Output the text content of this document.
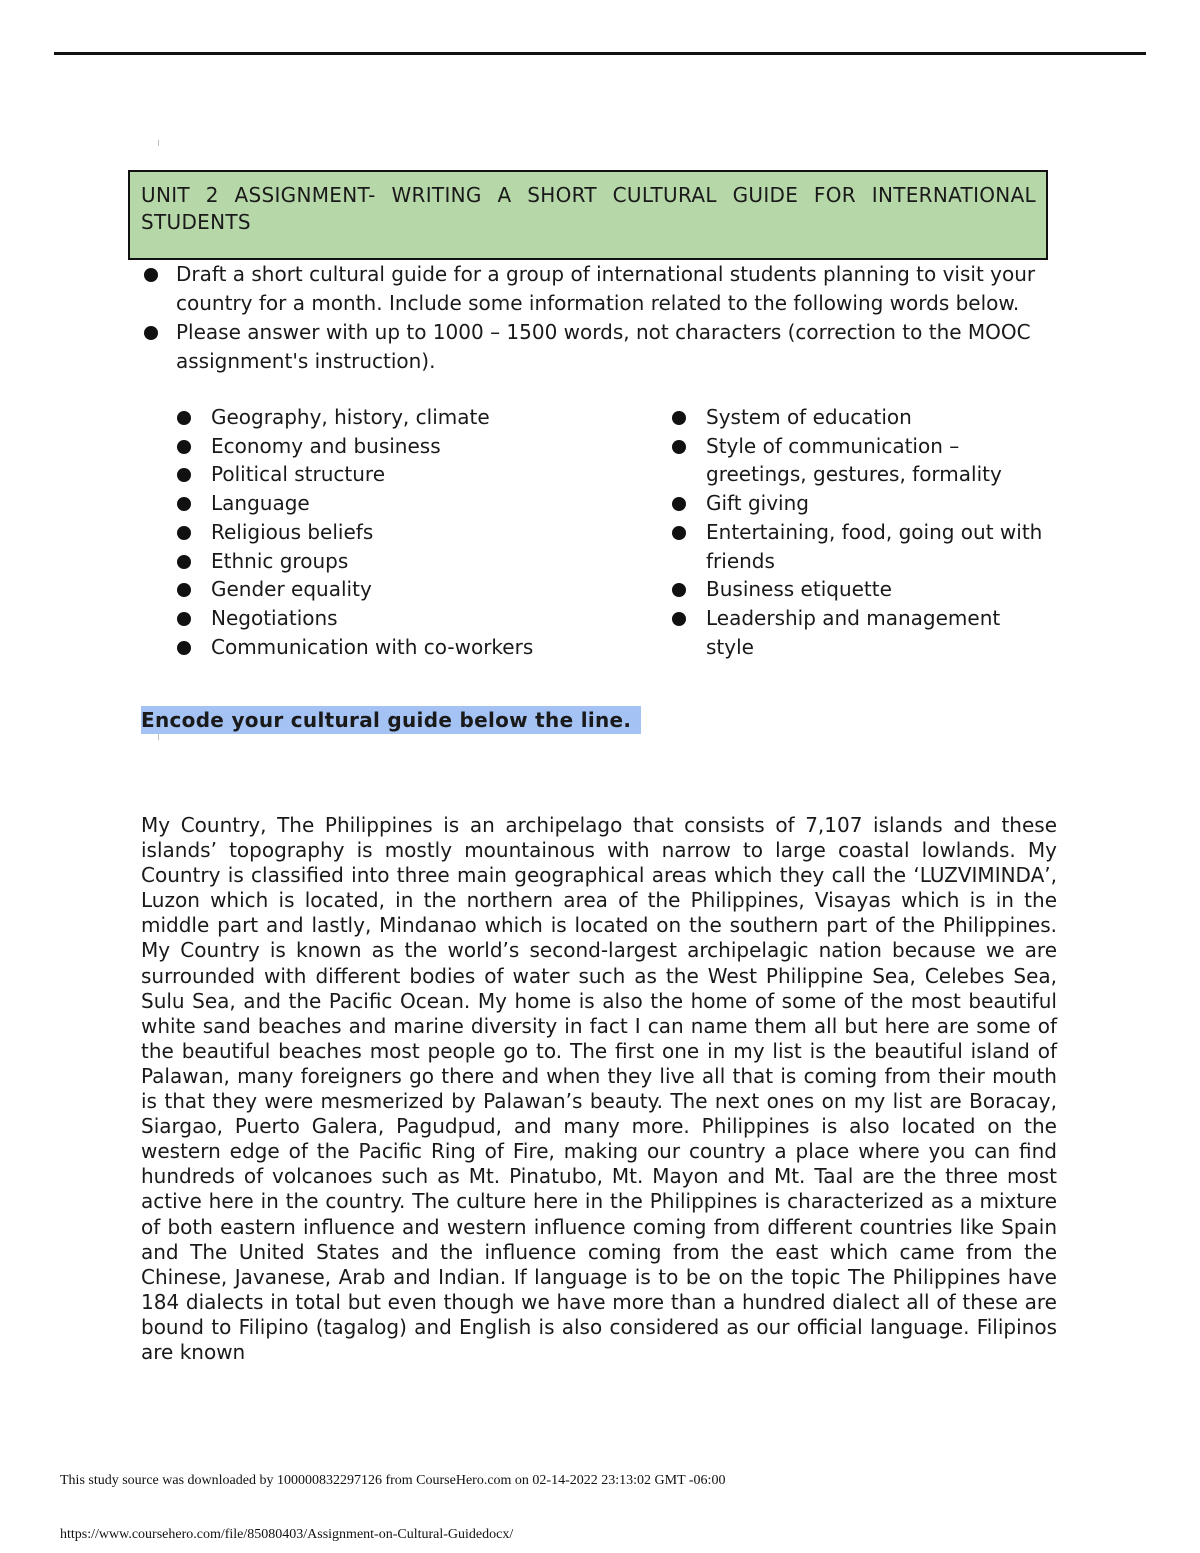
UNIT 2 ASSIGNMENT- WRITING A SHORT CULTURAL GUIDE FOR INTERNATIONAL STUDENTS
Draft a short cultural guide for a group of international students planning to visit your country for a month. Include some information related to the following words below.
Please answer with up to 1000 – 1500 words, not characters (correction to the MOOC assignment's instruction).
Geography, history, climate
Economy and business
Political structure
Language
Religious beliefs
Ethnic groups
Gender equality
Negotiations
Communication with co-workers
System of education
Style of communication – greetings, gestures, formality
Gift giving
Entertaining, food, going out with friends
Business etiquette
Leadership and management style
Encode your cultural guide below the line.

My Country, The Philippines is an archipelago that consists of 7,107 islands and these islands’ topography is mostly mountainous with narrow to large coastal lowlands. My Country is classified into three main geographical areas which they call the ‘LUZVIMINDA’, Luzon which is located, in the northern area of the Philippines, Visayas which is in the middle part and lastly, Mindanao which is located on the southern part of the Philippines. My Country is known as the world’s second-largest archipelagic nation because we are surrounded with different bodies of water such as the West Philippine Sea, Celebes Sea, Sulu Sea, and the Pacific Ocean. My home is also the home of some of the most beautiful white sand beaches and marine diversity in fact I can name them all but here are some of the beautiful beaches most people go to. The first one in my list is the beautiful island of Palawan, many foreigners go there and when they live all that is coming from their mouth is that they were mesmerized by Palawan’s beauty. The next ones on my list are Boracay, Siargao, Puerto Galera, Pagudpud, and many more. Philippines is also located on the western edge of the Pacific Ring of Fire, making our country a place where you can find hundreds of volcanoes such as Mt. Pinatubo, Mt. Mayon and Mt. Taal are the three most active here in the country. The culture here in the Philippines is characterized as a mixture of both eastern influence and western influence coming from different countries like Spain and The United States and the influence coming from the east which came from the Chinese, Javanese, Arab and Indian. If language is to be on the topic The Philippines have 184 dialects in total but even though we have more than a hundred dialect all of these are bound to Filipino (tagalog) and English is also considered as our official language. Filipinos are known

This study source was downloaded by 100000832297126 from CourseHero.com on 02-14-2022 23:13:02 GMT -06:00
https://www.coursehero.com/file/85080403/Assignment-on-Cultural-Guidedocx/
